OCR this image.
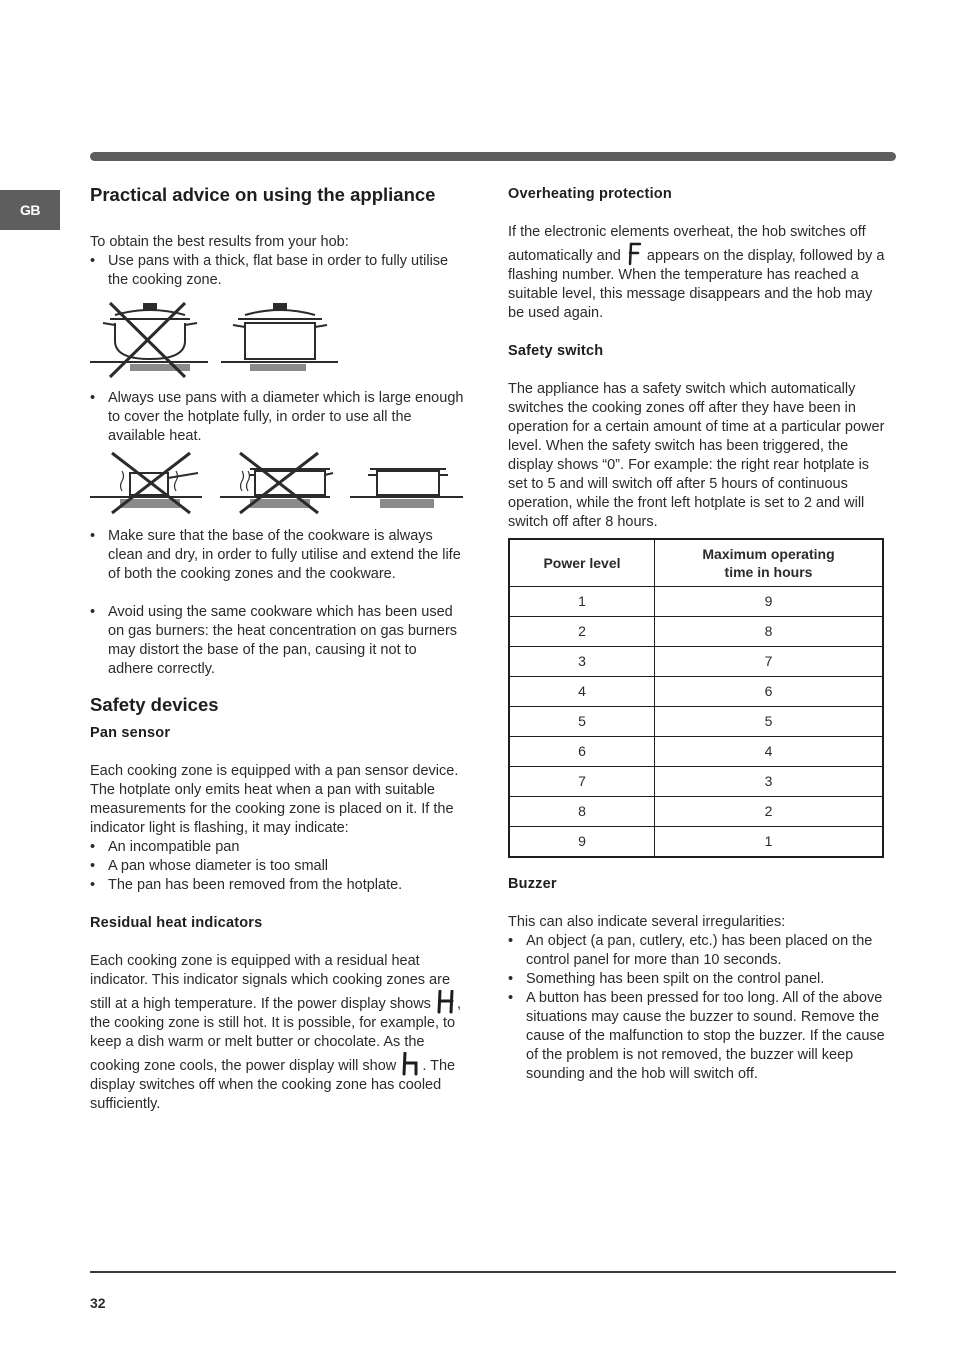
GB
Practical advice on using the appliance

To obtain the best results from your hob:

• Use pans with a thick, flat base in order to fully utilise the cooking zone.
• Always use pans with a diameter which is large enough to cover the hotplate fully, in order to use all the available heat.
• Make sure that the base of the cookware is always clean and dry, in order to fully utilise and extend the life of both the cooking zones and the cookware.
• Avoid using the same cookware which has been used on gas burners: the heat concentration on gas burners may distort the base of the pan, causing it not to adhere correctly.
Safety devices
Pan sensor

Each cooking zone is equipped with a pan sensor device. The hotplate only emits heat when a pan with suitable measurements for the cooking zone is placed on it. If the indicator light is flashing, it may indicate:

• An incompatible pan
• A pan whose diameter is too small
• The pan has been removed from the hotplate.
Residual heat indicators

Each cooking zone is equipped with a residual heat indicator. This indicator signals which cooking zones are still at a high temperature. If the power display shows , the cooking zone is still hot. It is possible, for example, to keep a dish warm or melt butter or chocolate. As the cooking zone cools, the power display will show . The display switches off when the cooking zone has cooled sufficiently.

Overheating protection

If the electronic elements overheat, the hob switches off automatically and appears on the display, followed by a flashing number. When the temperature has reached a suitable level, this message disappears and the hob may be used again.

Safety switch

The appliance has a safety switch which automatically switches the cooking zones off after they have been in operation for a certain amount of time at a particular power level. When the safety switch has been triggered, the display shows “0”. For example: the right rear hotplate is set to 5 and will switch off after 5 hours of continuous operation, while the front left hotplate is set to 2 and will switch off after 8 hours.

Power level	Maximum operating
time in hours
1	9
2	8
3	7
4	6
5	5
6	4
7	3
8	2
9	1
Buzzer

This can also indicate several irregularities:

• An object (a pan, cutlery, etc.) has been placed on the control panel for more than 10 seconds.
• Something has been spilt on the control panel.
• A button has been pressed for too long. All of the above situations may cause the buzzer to sound. Remove the cause of the malfunction to stop the buzzer. If the cause of the problem is not removed, the buzzer will keep sounding and the hob will switch off.
32
